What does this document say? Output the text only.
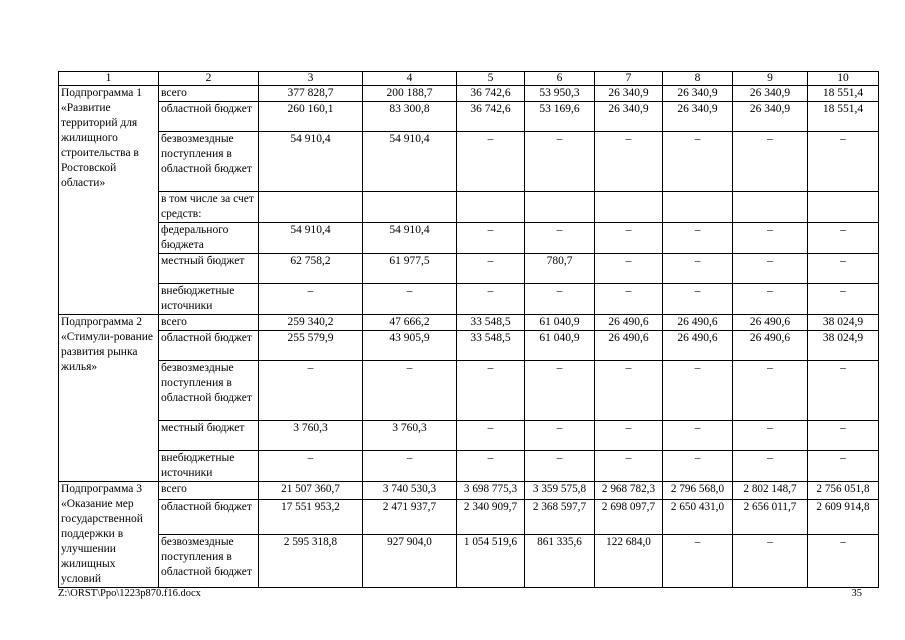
1	2	3	4	5	6	7	8	9	10
Подпрограмма 1 «Развитие территорий для жилищного строительства в Ростовской области»	всего	377 828,7	200 188,7	36 742,6	53 950,3	26 340,9	26 340,9	26 340,9	18 551,4
	областной бюджет	260 160,1	83 300,8	36 742,6	53 169,6	26 340,9	26 340,9	26 340,9	18 551,4
	безвозмездные поступления в областной бюджет	54 910,4	54 910,4	–	–	–	–	–	–
	в том числе за счет средств:								
	федерального бюджета	54 910,4	54 910,4	–	–	–	–	–	–
	местный бюджет	62 758,2	61 977,5	–	780,7	–	–	–	–
	внебюджетные источники	–	–	–	–	–	–	–	–
Подпрограмма 2 «Стимули-рование развития рынка жилья»	всего	259 340,2	47 666,2	33 548,5	61 040,9	26 490,6	26 490,6	26 490,6	38 024,9
	областной бюджет	255 579,9	43 905,9	33 548,5	61 040,9	26 490,6	26 490,6	26 490,6	38 024,9
	безвозмездные поступления в областной бюджет	–	–	–	–	–	–	–	–
	местный бюджет	3 760,3	3 760,3	–	–	–	–	–	–
	внебюджетные источники	–	–	–	–	–	–	–	–
Подпрограмма 3 «Оказание мер государственной поддержки в улучшении жилищных условий	всего	21 507 360,7	3 740 530,3	3 698 775,3	3 359 575,8	2 968 782,3	2 796 568,0	2 802 148,7	2 756 051,8
	областной бюджет	17 551 953,2	2 471 937,7	2 340 909,7	2 368 597,7	2 698 097,7	2 650 431,0	2 656 011,7	2 609 914,8
	безвозмездные поступления в областной бюджет	2 595 318,8	927 904,0	1 054 519,6	861 335,6	122 684,0	–	–	–
Z:\ORST\Ppo\1223p870.f16.docx	35
